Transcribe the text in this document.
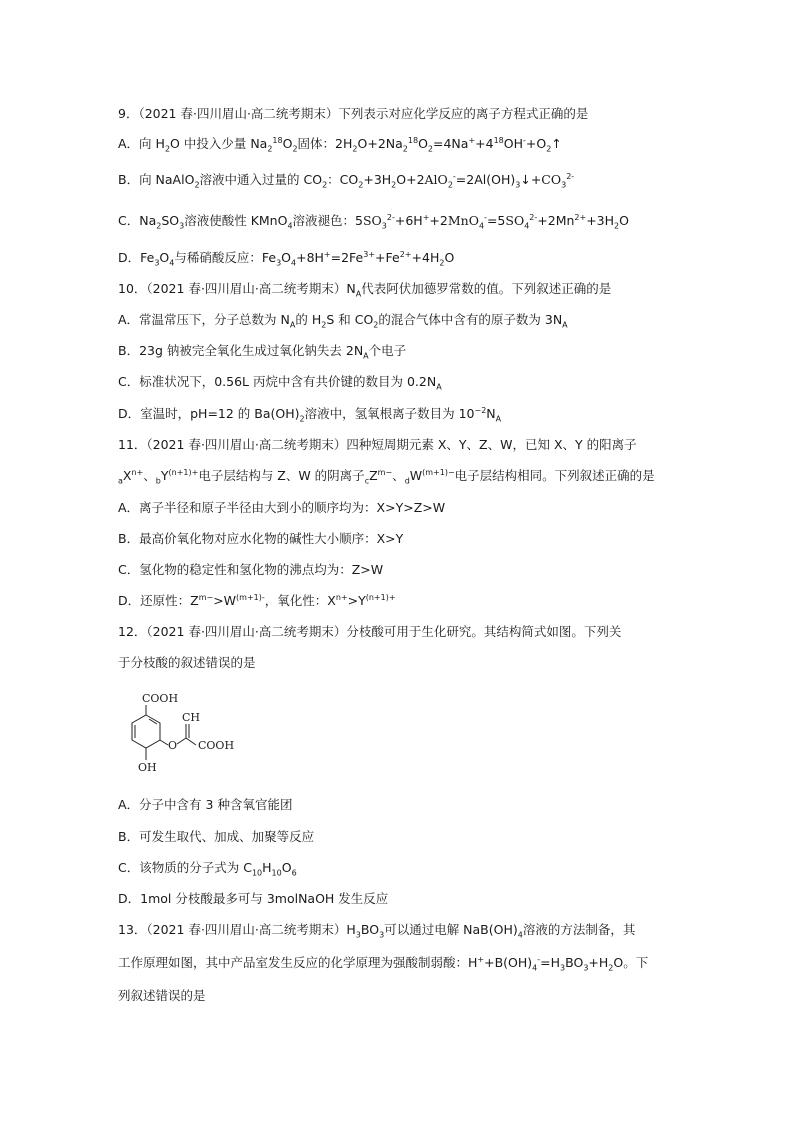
9．（2021 春·四川眉山·高二统考期末）下列表示对应化学反应的离子方程式正确的是
A．向 $H_2O$ 中投入少量 $Na_2^{18}O_2$固体：$2H_2O+2Na_2^{18}O_2=4Na^++4^{18}OH^-+O_2↑$
B．向 NaAlO$_2$溶液中通入过量的 $CO_2$：$CO_2+3H_2O+2AlO_2^-=2Al(OH)_3↓+CO_3^{2-}$
C．$Na_2SO_3$溶液使酸性 KMnO$_4$溶液褪色：$5SO_3^{2-}+6H^++2MnO_4^-=5SO_4^{2-}+2Mn^{2+}+3H_2O$
D．$Fe_3O_4$与稀硝酸反应：$Fe_3O_4+8H^+=2Fe^{3+}+Fe^{2+}+4H_2O$
10．（2021 春·四川眉山·高二统考期末）$N_A$代表阿伏加德罗常数的值。下列叙述正确的是
A．常温常压下，分子总数为 $N_A$的 $H_2S$ 和 $CO_2$的混合气体中含有的原子数为 $3N_A$
B．23g 钠被完全氧化生成过氧化钠失去 $2N_A$个电子
C．标准状况下，0.56L 丙烷中含有共价键的数目为 $0.2N_A$
D．室温时，pH=12 的 $Ba(OH)_2$溶液中，氢氧根离子数目为 $10^{-2}N_A$
11．（2021 春·四川眉山·高二统考期末）四种短周期元素 X、Y、Z、W，已知 X、Y 的阳离子
$_aX^{n+}$、$_bY^{(n+1)+}$电子层结构与 Z、W 的阴离子$_cZ^{m-}$、$_dW^{(m+1)-}$电子层结构相同。下列叙述正确的是
A．离子半径和原子半径由大到小的顺序均为：X>Y>Z>W
B．最高价氧化物对应水化物的碱性大小顺序：X>Y
C．氢化物的稳定性和氢化物的沸点均为：Z>W
D．还原性：$Z^{m-}>W^{(m+1)-}$，氧化性：$X^{n+}>Y^{(n+1)+}$
12．（2021 春·四川眉山·高二统考期末）分枝酸可用于生化研究。其结构简式如图。下列关
于分枝酸的叙述错误的是
COOH
O
CH
COOH
OH
A．分子中含有 3 种含氧官能团
B．可发生取代、加成、加聚等反应
C．该物质的分子式为 $C_{10}H_{10}O_6$
D．1mol 分枝酸最多可与 3molNaOH 发生反应
13．（2021 春·四川眉山·高二统考期末）$H_3BO_3$可以通过电解 $NaB(OH)_4$溶液的方法制备，其
工作原理如图，其中产品室发生反应的化学原理为强酸制弱酸：$H^++B(OH)_4^-=H_3BO_3+H_2O$。下
列叙述错误的是
